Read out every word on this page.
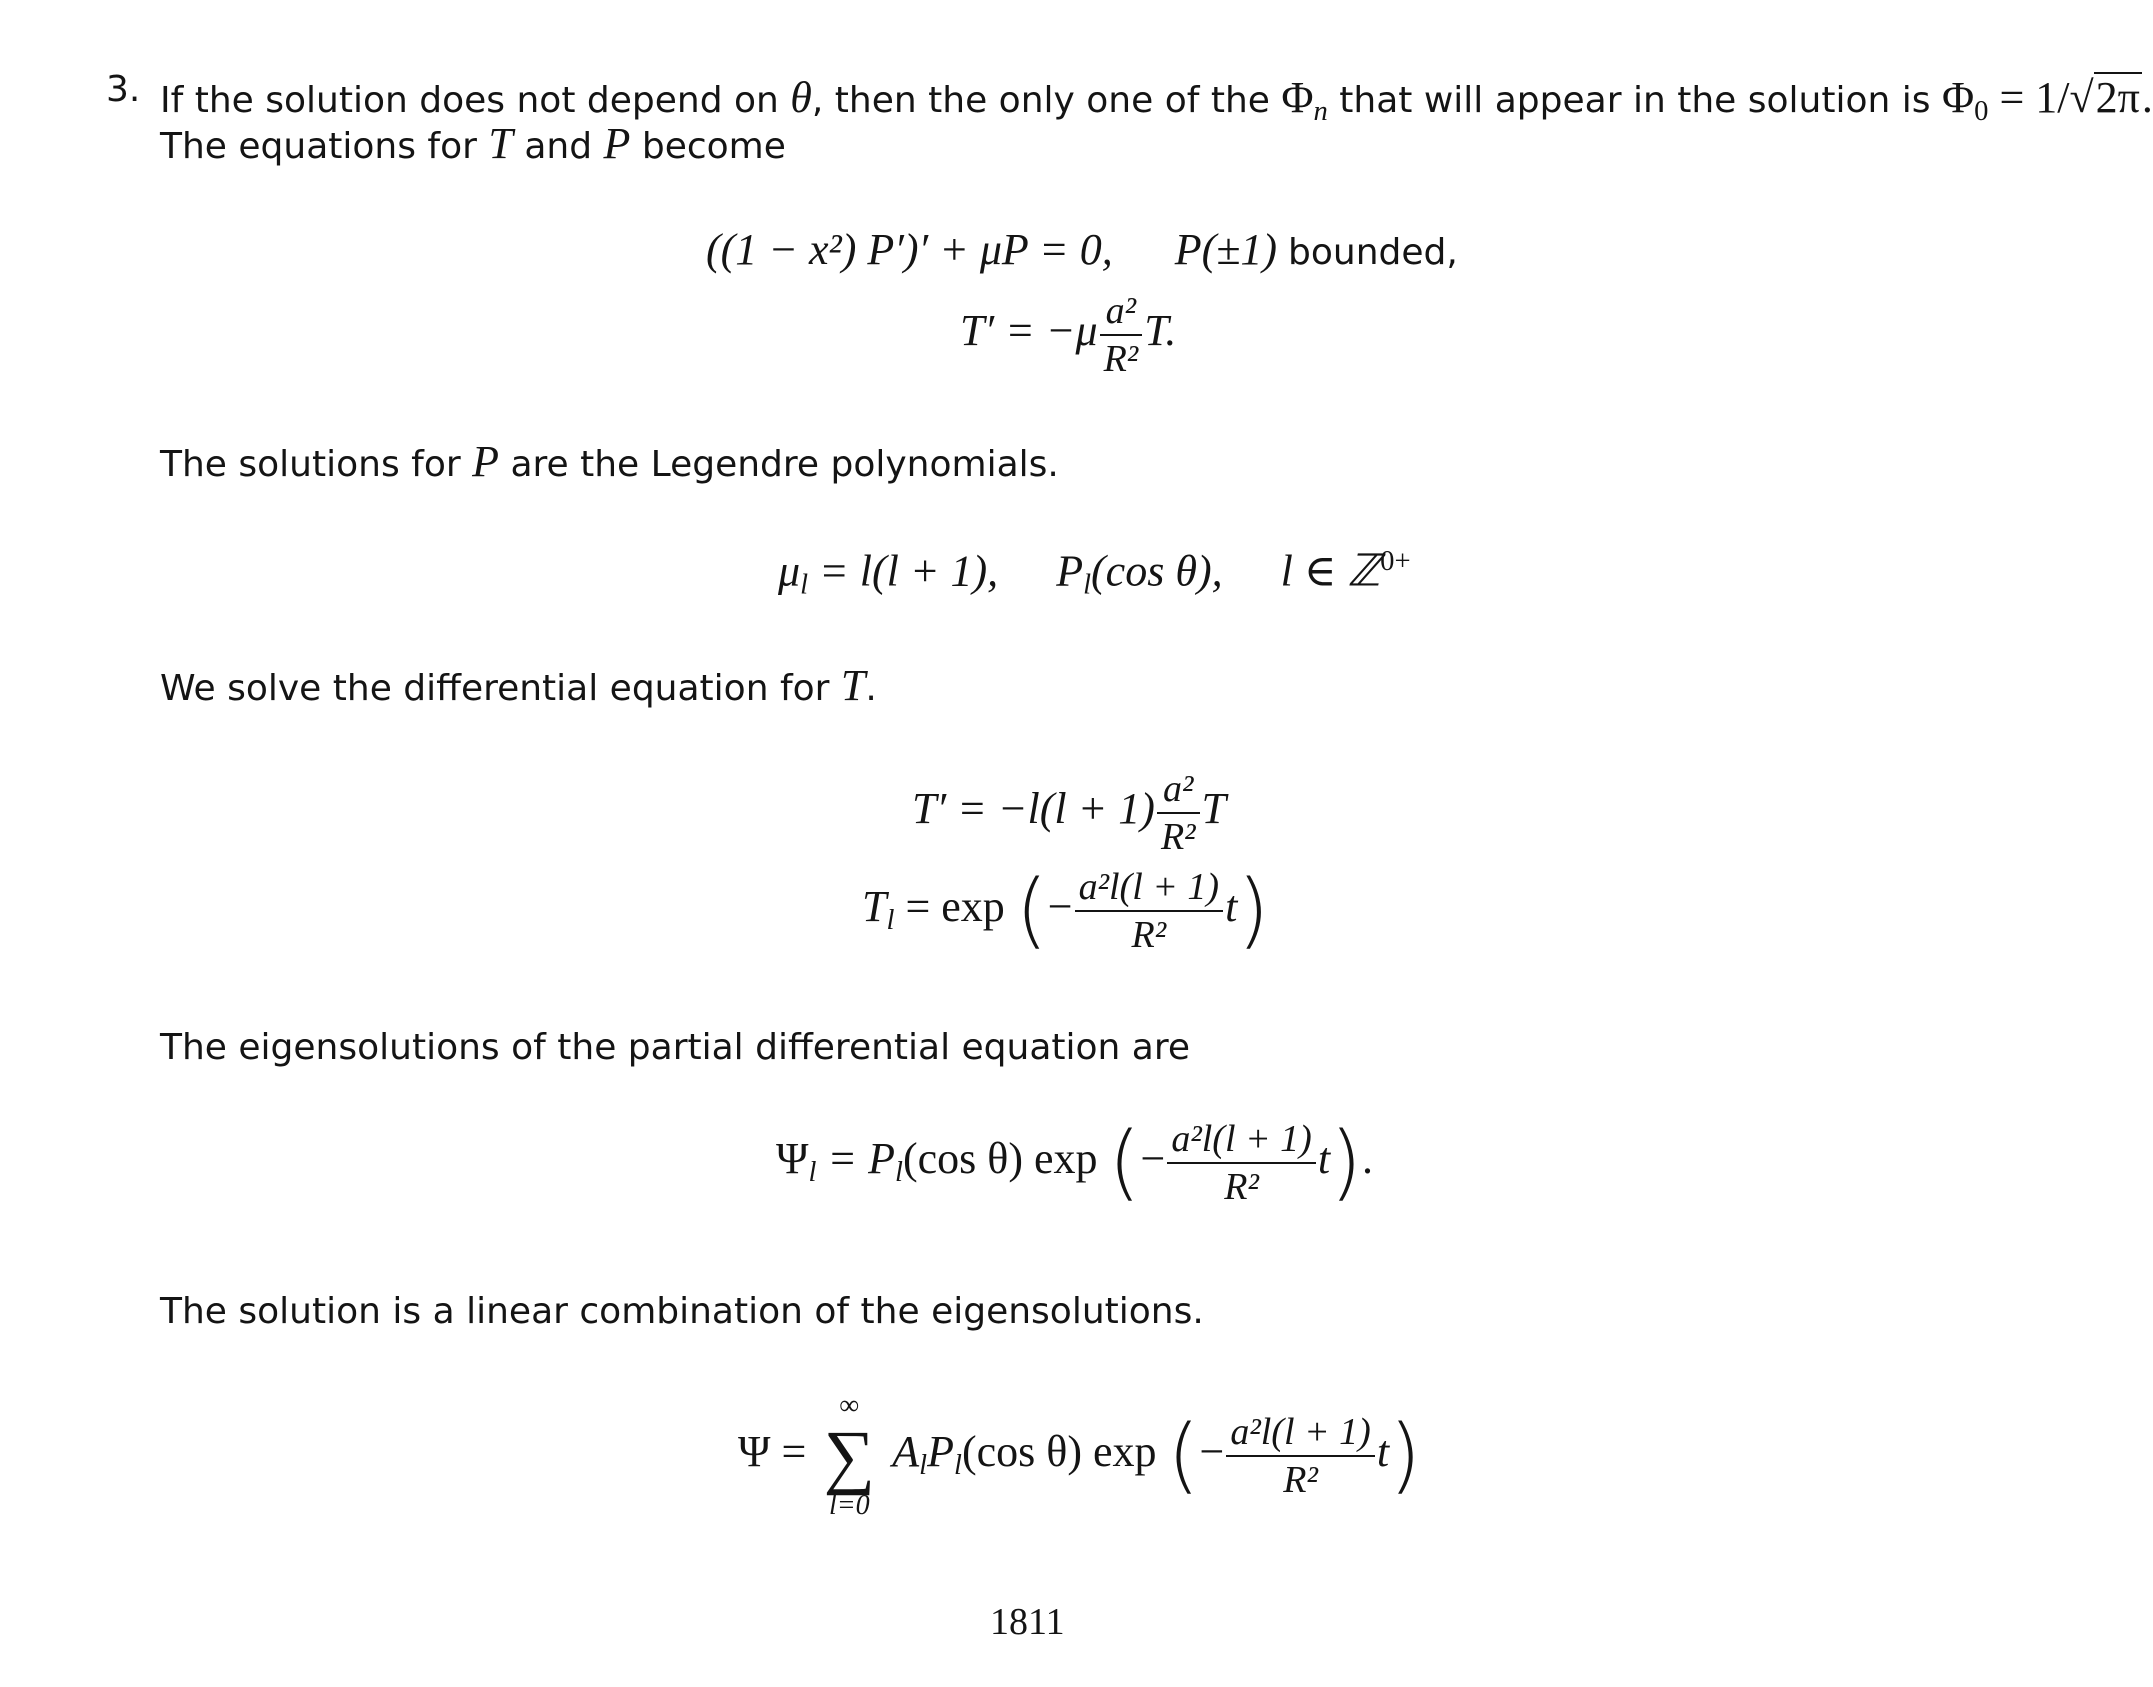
3. If the solution does not depend on θ, then the only one of the $\Phi_n$ that will appear in the solution is $\Phi_0 = 1/√2\pi$.
The equations for T and P become
((1 − x²) P′)′ + μP = 0, P(±1) bounded,
$T' = -\mu \frac{\text{a²}}{\text{R²}} T$.
The solutions for P are the Legendre polynomials.
$\mu_l = l(l + 1)$, $P_l(\cos$ θ), l ∈ ℤ$^{0+}$
We solve the differential equation for T.
$T' = -l(l + 1) \frac{\text{a²}}{\text{R²}}$ T
$T_l = \exp$ (− $\frac{\text{a²l(l + 1)}}{\text{R²}} t$)
The eigensolutions of the partial differential equation are
$\Psi_l = P_l(\cos$ θ) exp (− $\frac{\text{a²l(l + 1)}}{\text{R²}} t$).
The solution is a linear combination of the eigensolutions.
Ψ =
∞
∑
l=0
$A_lP_l(\cos$ θ) exp (− $\frac{\text{a²l(l + 1)}}{\text{R²}} t$)
1811
